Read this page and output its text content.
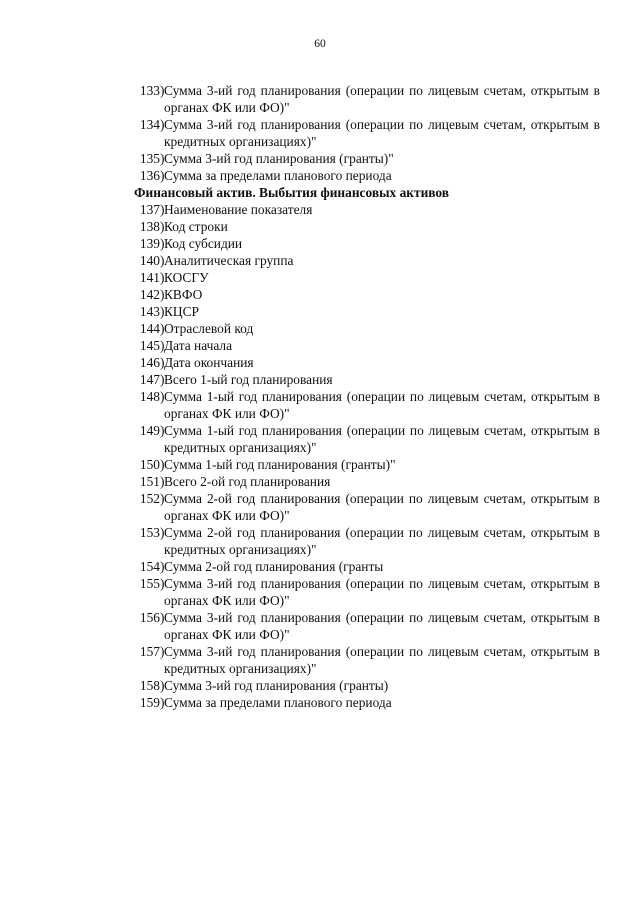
60
133 ) Сумма 3-ий год планирования (операции по лицевым счетам, открытым в органах ФК или ФО)"
134 ) Сумма 3-ий год планирования (операции по лицевым счетам, открытым в кредитных организациях)"
135 ) Сумма 3-ий год планирования (гранты)"
136 ) Сумма за пределами планового периода
Финансовый актив. Выбытия финансовых активов
137 ) Наименование показателя
138 ) Код строки
139 ) Код субсидии
140 ) Аналитическая группа
141 ) КОСГУ
142 ) КВФО
143 ) КЦСР
144 ) Отраслевой код
145 ) Дата начала
146 ) Дата окончания
147 ) Всего 1-ый год планирования
148 ) Сумма 1-ый год планирования (операции по лицевым счетам, открытым в органах ФК или ФО)"
149 ) Сумма 1-ый год планирования (операции по лицевым счетам, открытым в кредитных организациях)"
150 ) Сумма 1-ый год планирования (гранты)"
151 ) Всего 2-ой год планирования
152 ) Сумма 2-ой год планирования (операции по лицевым счетам, открытым в органах ФК или ФО)"
153 ) Сумма 2-ой год планирования (операции по лицевым счетам, открытым в кредитных организациях)"
154 ) Сумма 2-ой год планирования (гранты
155 ) Сумма 3-ий год планирования (операции по лицевым счетам, открытым в органах ФК или ФО)"
156 ) Сумма 3-ий год планирования (операции по лицевым счетам, открытым в органах ФК или ФО)"
157 ) Сумма 3-ий год планирования (операции по лицевым счетам, открытым в кредитных организациях)"
158 ) Сумма 3-ий год планирования (гранты)
159 ) Сумма за пределами планового периода
